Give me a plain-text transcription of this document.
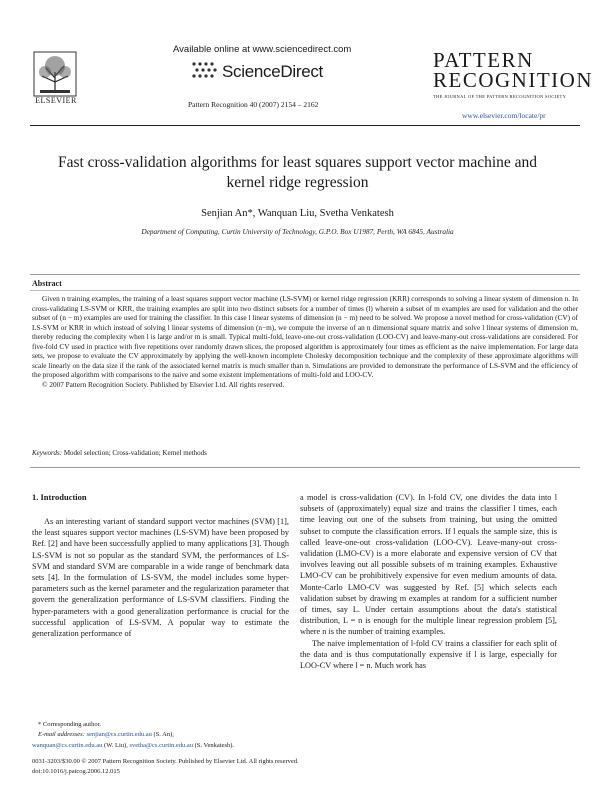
ELSEVIER
Available online at www.sciencedirect.com
ScienceDirect
Pattern Recognition 40 (2007) 2154 – 2162
PATTERN
RECOGNITION
THE JOURNAL OF THE PATTERN RECOGNITION SOCIETY
www.elsevier.com/locate/pr
Fast cross-validation algorithms for least squares support vector machine and kernel ridge regression
Senjian An*, Wanquan Liu, Svetha Venkatesh
Department of Computing, Curtin University of Technology, G.P.O. Box U1987, Perth, WA 6845, Australia
Abstract

Given n training examples, the training of a least squares support vector machine (LS-SVM) or kernel ridge regression (KRR) corresponds to solving a linear system of dimension n. In cross-validating LS-SVM or KRR, the training examples are split into two distinct subsets for a number of times (l) wherein a subset of m examples are used for validation and the other subset of (n − m) examples are used for training the classifier. In this case l linear systems of dimension (n − m) need to be solved. We propose a novel method for cross-validation (CV) of LS-SVM or KRR in which instead of solving l linear systems of dimension (n−m), we compute the inverse of an n dimensional square matrix and solve l linear systems of dimension m, thereby reducing the complexity when l is large and/or m is small. Typical multi-fold, leave-one-out cross-validation (LOO-CV) and leave-many-out cross-validations are considered. For five-fold CV used in practice with five repetitions over randomly drawn slices, the proposed algorithm is approximately four times as efficient as the naive implementation. For large data sets, we propose to evaluate the CV approximately by applying the well-known incomplete Cholesky decomposition technique and the complexity of these approximate algorithms will scale linearly on the data size if the rank of the associated kernel matrix is much smaller than n. Simulations are provided to demonstrate the performance of LS-SVM and the efficiency of the proposed algorithm with comparisons to the naive and some existent implementations of multi-fold and LOO-CV.

© 2007 Pattern Recognition Society. Published by Elsevier Ltd. All rights reserved.

Keywords: Model selection; Cross-validation; Kernel methods
1. Introduction

As an interesting variant of standard support vector machines (SVM) [1], the least squares support vector machines (LS-SVM) have been proposed by Ref. [2] and have been successfully applied to many applications [3]. Though LS-SVM is not so popular as the standard SVM, the performances of LS-SVM and standard SVM are comparable in a wide range of benchmark data sets [4]. In the formulation of LS-SVM, the model includes some hyper-parameters such as the kernel parameter and the regularization parameter that govern the generalization performance of LS-SVM classifiers. Finding the hyper-parameters with a good generalization performance is crucial for the successful application of LS-SVM. A popular way to estimate the generalization performance of

a model is cross-validation (CV). In l-fold CV, one divides the data into l subsets of (approximately) equal size and trains the classifier l times, each time leaving out one of the subsets from training, but using the omitted subset to compute the classification errors. If l equals the sample size, this is called leave-one-out cross-validation (LOO-CV). Leave-many-out cross-validation (LMO-CV) is a more elaborate and expensive version of CV that involves leaving out all possible subsets of m training examples. Exhaustive LMO-CV can be prohibitively expensive for even medium amounts of data. Monte-Carlo LMO-CV was suggested by Ref. [5] which selects each validation subset by drawing m examples at random for a sufficient number of times, say L. Under certain assumptions about the data's statistical distribution, L = n is enough for the multiple linear regression problem [5], where n is the number of training examples.

The naive implementation of l-fold CV trains a classifier for each split of the data and is thus computationally expensive if l is large, especially for LOO-CV where l = n. Much work has

* Corresponding author.
E-mail addresses: senjian@cs.curtin.edu.au (S. An),
wanquan@cs.curtin.edu.au (W. Liu), svetha@cs.curtin.edu.au (S. Venkatesh).
0031-3203/$30.00 © 2007 Pattern Recognition Society. Published by Elsevier Ltd. All rights reserved.
doi:10.1016/j.patcog.2006.12.015
